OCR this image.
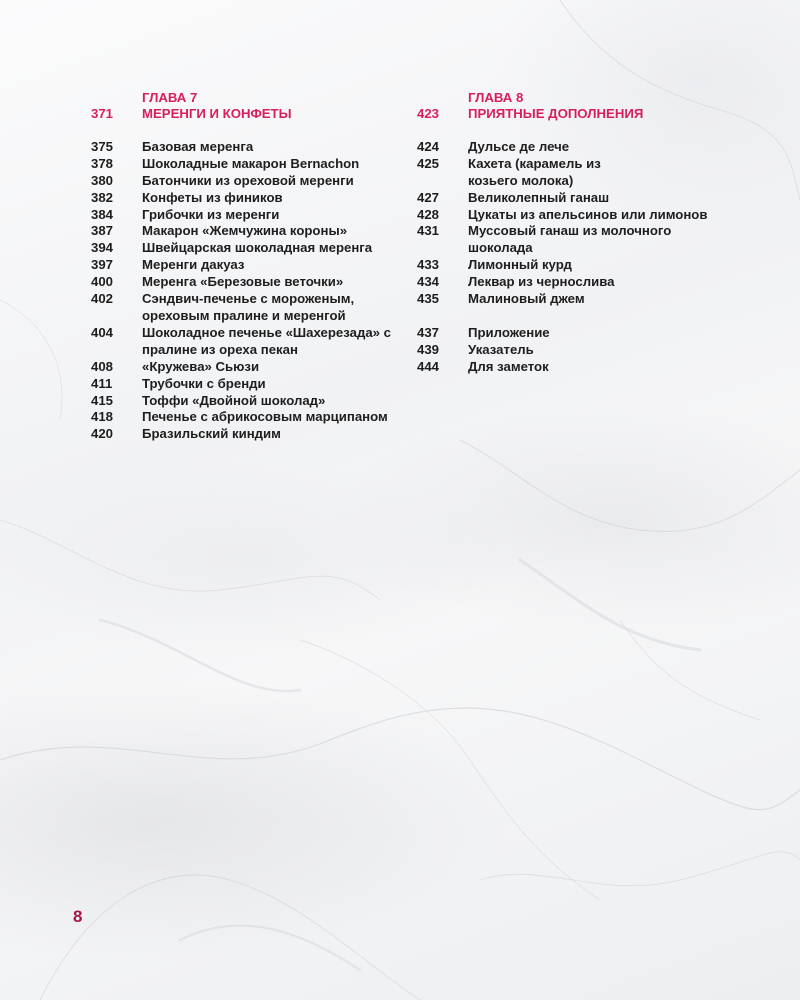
ГЛАВА 7
371	МЕРЕНГИ И КОНФЕТЫ
375	Базовая меренга
378	Шоколадные макарон Bernachon
380	Батончики из ореховой меренги
382	Конфеты из фиников
384	Грибочки из меренги
387	Макарон «Жемчужина короны»
394	Швейцарская шоколадная меренга
397	Меренги дакуаз
400	Меренга «Березовые веточки»
402	Сэндвич-печенье с мороженым, ореховым пралине и меренгой
404	Шоколадное печенье «Шахерезада» с пралине из ореха пекан
408	«Кружева» Сьюзи
411	Трубочки с бренди
415	Тоффи «Двойной шоколад»
418	Печенье с абрикосовым марципаном
420	Бразильский киндим
ГЛАВА 8
423	ПРИЯТНЫЕ ДОПОЛНЕНИЯ
424	Дульсе де лече
425	Кахета (карамель из козьего молока)
427	Великолепный ганаш
428	Цукаты из апельсинов или лимонов
431	Муссовый ганаш из молочного шоколада
433	Лимонный курд
434	Леквар из чернослива
435	Малиновый джем
437	Приложение
439	Указатель
444	Для заметок
8
